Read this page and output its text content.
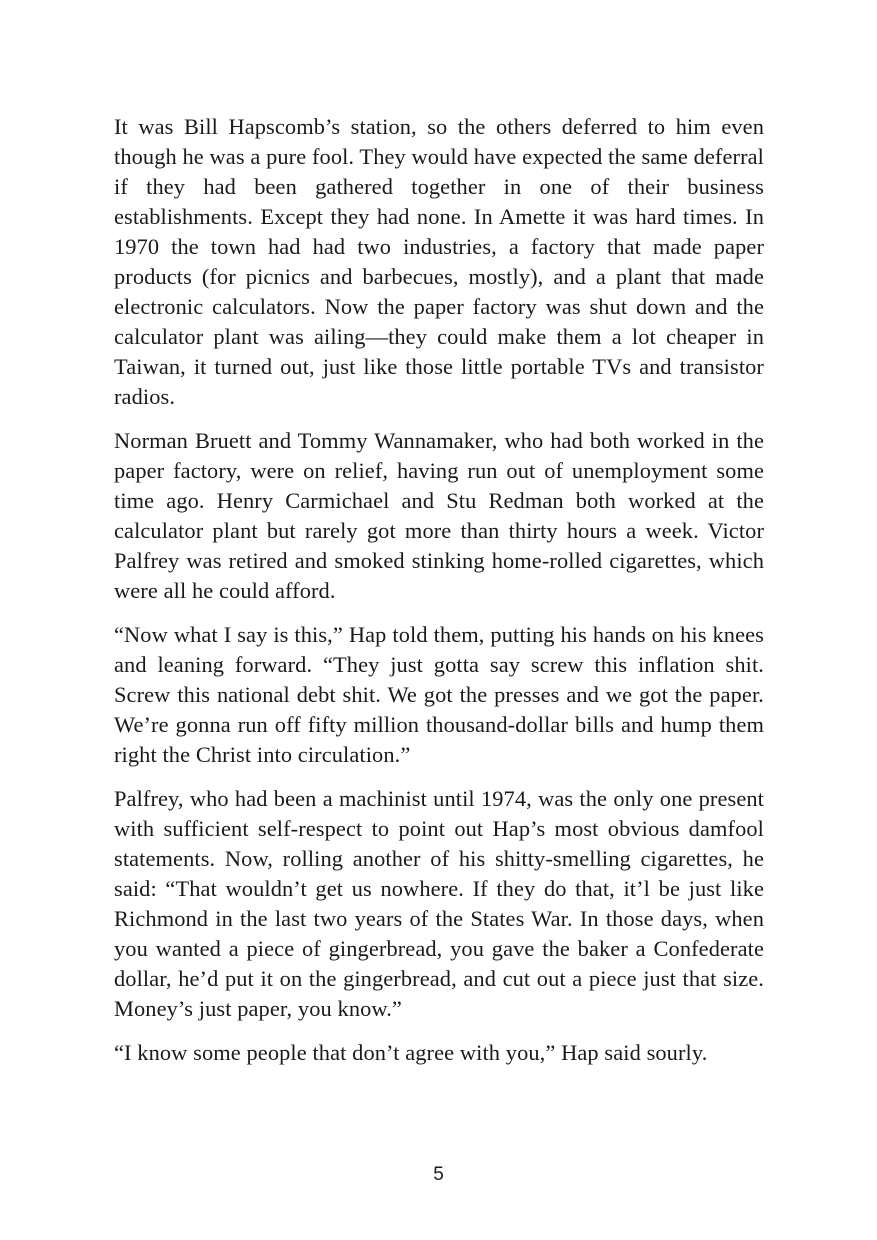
It was Bill Hapscomb’s station, so the others deferred to him even though he was a pure fool. They would have expected the same deferral if they had been gathered together in one of their business establishments. Except they had none. In Amette it was hard times. In 1970 the town had had two industries, a factory that made paper products (for picnics and barbecues, mostly), and a plant that made electronic calculators. Now the paper factory was shut down and the calculator plant was ailing—they could make them a lot cheaper in Taiwan, it turned out, just like those little portable TVs and transistor radios.

Norman Bruett and Tommy Wannamaker, who had both worked in the paper factory, were on relief, having run out of unemployment some time ago. Henry Carmichael and Stu Redman both worked at the calculator plant but rarely got more than thirty hours a week. Victor Palfrey was retired and smoked stinking home-rolled cigarettes, which were all he could afford.

“Now what I say is this,” Hap told them, putting his hands on his knees and leaning forward. “They just gotta say screw this inflation shit. Screw this national debt shit. We got the presses and we got the paper. We’re gonna run off fifty million thousand-dollar bills and hump them right the Christ into circulation.”

Palfrey, who had been a machinist until 1974, was the only one present with sufficient self-respect to point out Hap’s most obvious damfool statements. Now, rolling another of his shitty-smelling cigarettes, he said: “That wouldn’t get us nowhere. If they do that, it’l be just like Richmond in the last two years of the States War. In those days, when you wanted a piece of gingerbread, you gave the baker a Confederate dollar, he’d put it on the gingerbread, and cut out a piece just that size. Money’s just paper, you know.”

“I know some people that don’t agree with you,” Hap said sourly.

5
